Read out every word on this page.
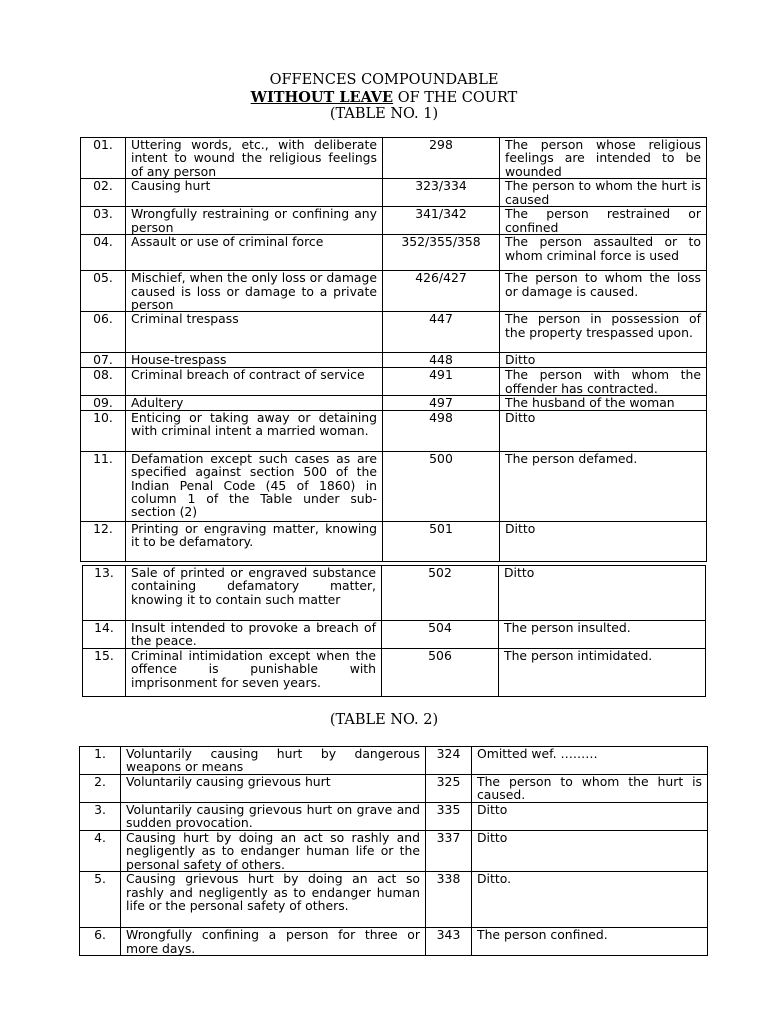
OFFENCES COMPOUNDABLE
WITHOUT LEAVE OF THE COURT
(TABLE NO. 1)
01.	Uttering words, etc., with deliberate intent to wound the religious feelings of any person	298	The person whose religious feelings are intended to be wounded
02.	Causing hurt	323/334	The person to whom the hurt is caused
03.	Wrongfully restraining or confining any person	341/342	The person restrained or confined
04.	Assault or use of criminal force	352/355/358	The person assaulted or to whom criminal force is used
05.	Mischief, when the only loss or damage caused is loss or damage to a private person	426/427	The person to whom the loss or damage is caused.
06.	Criminal trespass	447	The person in possession of the property trespassed upon.
07.	House-trespass	448	Ditto
08.	Criminal breach of contract of service	491	The person with whom the offender has contracted.
09.	Adultery	497	The husband of the woman
10.	Enticing or taking away or detaining with criminal intent a married woman.	498	Ditto
11.	Defamation except such cases as are specified against section 500 of the Indian Penal Code (45 of 1860) in column 1 of the Table under sub-section (2)	500	The person defamed.
12.	Printing or engraving matter, knowing it to be defamatory.	501	Ditto
13.	Sale of printed or engraved substance containing defamatory matter, knowing it to contain such matter	502	Ditto
14.	Insult intended to provoke a breach of the peace.	504	The person insulted.
15.	Criminal intimidation except when the offence is punishable with imprisonment for seven years.	506	The person intimidated.
(TABLE NO. 2)
1.	Voluntarily causing hurt by dangerous weapons or means	324	Omitted wef. ………
2.	Voluntarily causing grievous hurt	325	The person to whom the hurt is caused.
3.	Voluntarily causing grievous hurt on grave and sudden provocation.	335	Ditto
4.	Causing hurt by doing an act so rashly and negligently as to endanger human life or the personal safety of others.	337	Ditto
5.	Causing grievous hurt by doing an act so rashly and negligently as to endanger human life or the personal safety of others.	338	Ditto.
6.	Wrongfully confining a person for three or more days.	343	The person confined.
